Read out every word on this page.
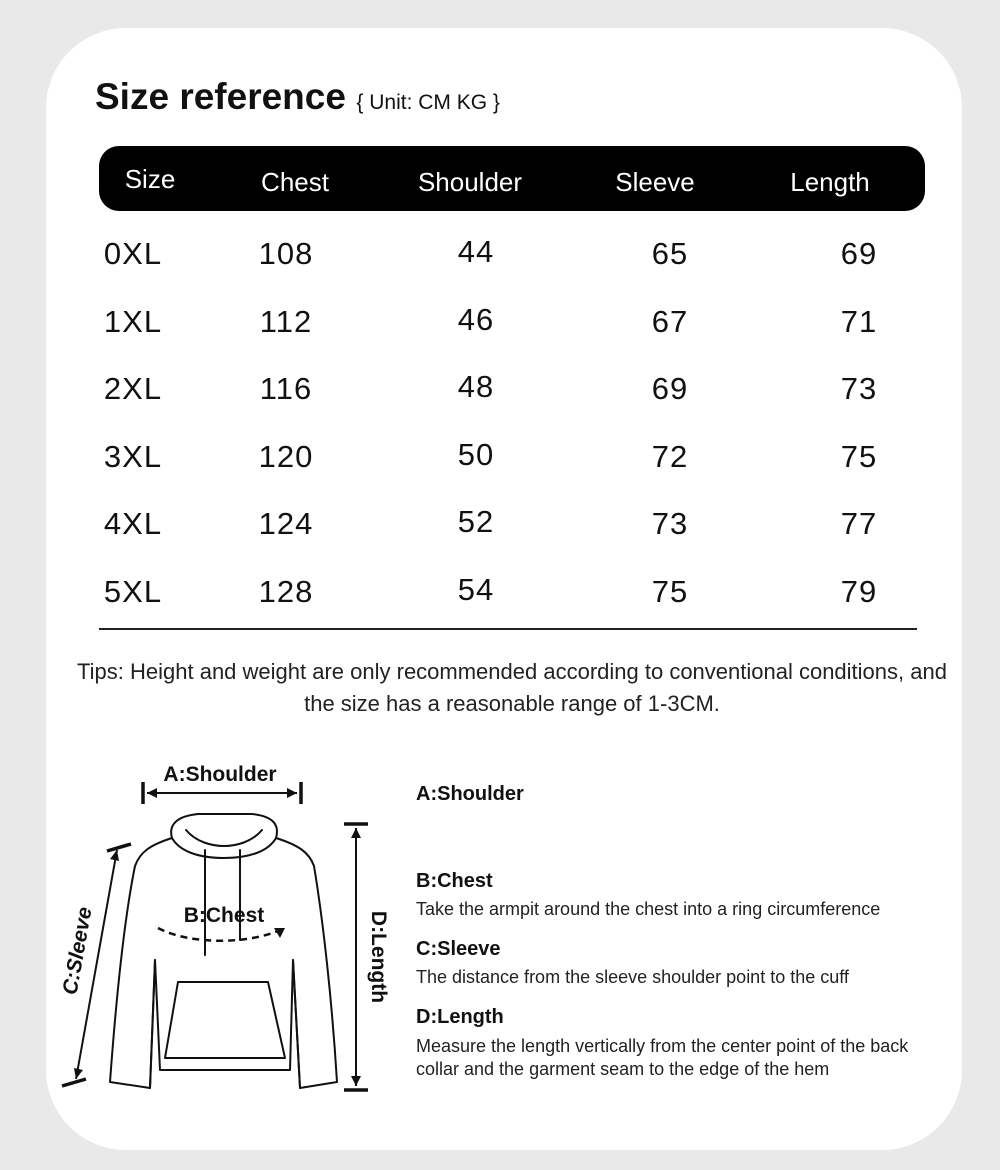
Size reference { Unit: CM KG }
Size	Chest	Shoulder	Sleeve	Length
0XL	108	44	65	69
1XL	112	46	67	71
2XL	116	48	69	73
3XL	120	50	72	75
4XL	124	52	73	77
5XL	128	54	75	79
Tips: Height and weight are only recommended according to conventional conditions, and the size has a reasonable range of 1-3CM.
A:Shoulder
B:Chest
C:Sleeve	D:Length
A:Shoulder
B:Chest
Take the armpit around the chest into a ring circumference
C:Sleeve
The distance from the sleeve shoulder point to the cuff
D:Length
Measure the length vertically from the center point of the back collar and the garment seam to the edge of the hem
